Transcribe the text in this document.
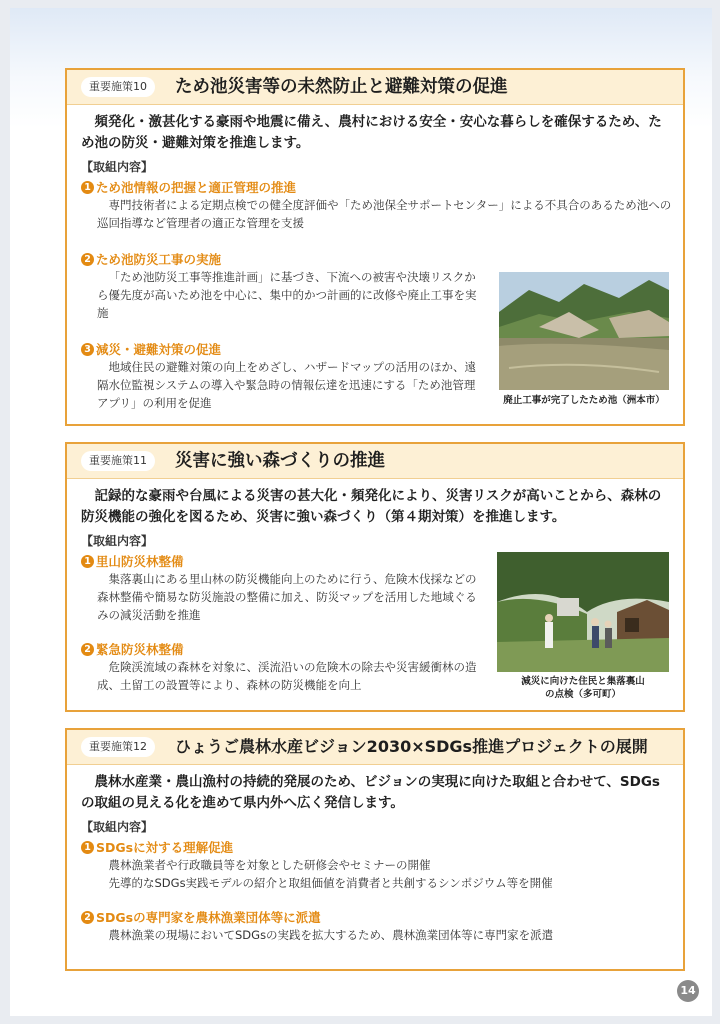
重要施策10	ため池災害等の未然防止と避難対策の促進
頻発化・激甚化する豪雨や地震に備え、農村における安全・安心な暮らしを確保するため、ため池の防災・避難対策を推進します。
【取組内容】
1 ため池情報の把握と適正管理の推進
専門技術者による定期点検での健全度評価や「ため池保全サポートセンター」による不具合のあるため池への巡回指導など管理者の適正な管理を支援
2 ため池防災工事の実施
「ため池防災工事等推進計画」に基づき、下流への被害や決壊リスクから優先度が高いため池を中心に、集中的かつ計画的に改修や廃止工事を実施
3 減災・避難対策の促進
地域住民の避難対策の向上をめざし、ハザードマップの活用のほか、遠隔水位監視システムの導入や緊急時の情報伝達を迅速にする「ため池管理アプリ」の利用を促進	廃止工事が完了したため池（洲本市）
重要施策11	災害に強い森づくりの推進
記録的な豪雨や台風による災害の甚大化・頻発化により、災害リスクが高いことから、森林の防災機能の強化を図るため、災害に強い森づくり（第４期対策）を推進します。
【取組内容】
1 里山防災林整備
集落裏山にある里山林の防災機能向上のために行う、危険木伐採などの森林整備や簡易な防災施設の整備に加え、防災マップを活用した地域ぐるみの減災活動を推進
2 緊急防災林整備
危険渓流域の森林を対象に、渓流沿いの危険木の除去や災害緩衝林の造成、土留工の設置等により、森林の防災機能を向上	減災に向けた住民と集落裏山
の点検（多可町）
重要施策12	ひょうご農林水産ビジョン2030×SDGs推進プロジェクトの展開
農林水産業・農山漁村の持続的発展のため、ビジョンの実現に向けた取組と合わせて、SDGsの取組の見える化を進めて県内外へ広く発信します。
【取組内容】
1 SDGsに対する理解促進
農林漁業者や行政職員等を対象とした研修会やセミナーの開催
先導的なSDGs実践モデルの紹介と取組価値を消費者と共創するシンポジウム等を開催
2 SDGsの専門家を農林漁業団体等に派遣
農林漁業の現場においてSDGsの実践を拡大するため、農林漁業団体等に専門家を派遣
14
